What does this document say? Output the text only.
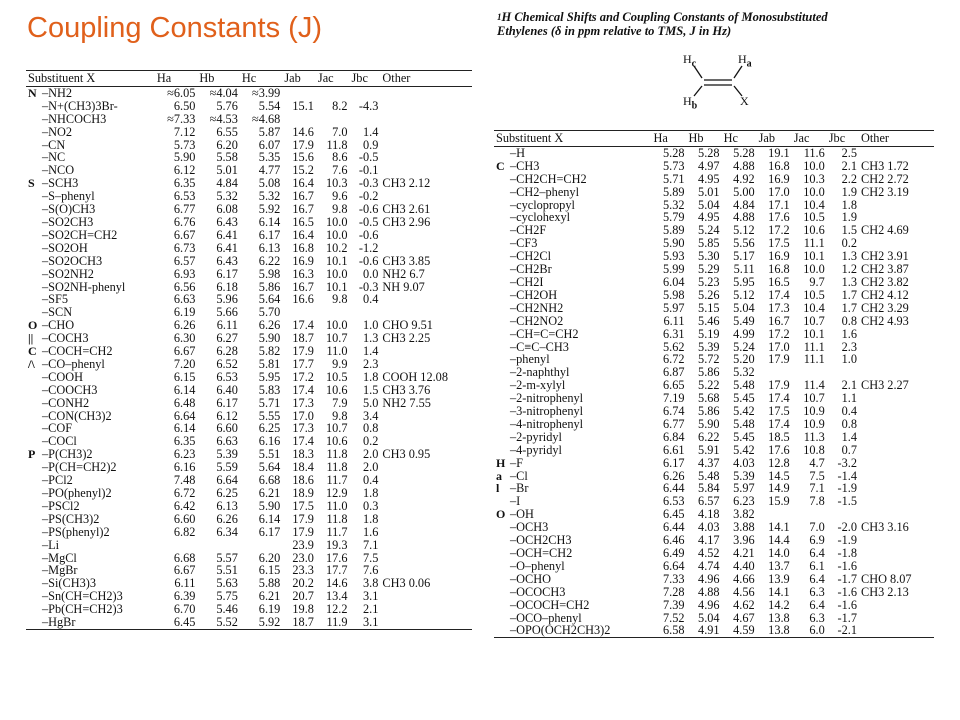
Coupling Constants (J)	$^1$H Chemical Shifts and Coupling Constants of Monosubstituted
Ethylenes (δ in ppm relative to TMS, J in Hz)
$H_c$	$H_a$
$H_b$	X
Substituent X		Ha	Hb	Hc	Jab	Jac	Jbc	Other
N	–NH2	≈6.05	≈4.04	≈3.99				
	–N+(CH3)3Br-	6.50	5.76	5.54	15.1	8.2	-4.3	
	–NHCOCH3	≈7.33	≈4.53	≈4.68				
	–NO2	7.12	6.55	5.87	14.6	7.0	1.4	
	–CN	5.73	6.20	6.07	17.9	11.8	0.9	
	–NC	5.90	5.58	5.35	15.6	8.6	-0.5	
	–NCO	6.12	5.01	4.77	15.2	7.6	-0.1	
S	–SCH3	6.35	4.84	5.08	16.4	10.3	-0.3	CH3 2.12
	–S–phenyl	6.53	5.32	5.32	16.7	9.6	-0.2	
	–S(O)CH3	6.77	6.08	5.92	16.7	9.8	-0.6	CH3 2.61
	–SO2CH3	6.76	6.43	6.14	16.5	10.0	-0.5	CH3 2.96
	–SO2CH=CH2	6.67	6.41	6.17	16.4	10.0	-0.6	
	–SO2OH	6.73	6.41	6.13	16.8	10.2	-1.2	
	–SO2OCH3	6.57	6.43	6.22	16.9	10.1	-0.6	CH3 3.85
	–SO2NH2	6.93	6.17	5.98	16.3	10.0	0.0	NH2 6.7
	–SO2NH-phenyl	6.56	6.18	5.86	16.7	10.1	-0.3	NH 9.07
	–SF5	6.63	5.96	5.64	16.6	9.8	0.4	
	–SCN	6.19	5.66	5.70				
O	–CHO	6.26	6.11	6.26	17.4	10.0	1.0	CHO 9.51
||	–COCH3	6.30	6.27	5.90	18.7	10.7	1.3	CH3 2.25
C	–COCH=CH2	6.67	6.28	5.82	17.9	11.0	1.4	
/\	–CO–phenyl	7.20	6.52	5.81	17.7	9.9	2.3	
	–COOH	6.15	6.53	5.95	17.2	10.5	1.8	COOH 12.08
	–COOCH3	6.14	6.40	5.83	17.4	10.6	1.5	CH3 3.76
	–CONH2	6.48	6.17	5.71	17.3	7.9	5.0	NH2 7.55
	–CON(CH3)2	6.64	6.12	5.55	17.0	9.8	3.4	
	–COF	6.14	6.60	6.25	17.3	10.7	0.8	
	–COCl	6.35	6.63	6.16	17.4	10.6	0.2	
P	–P(CH3)2	6.23	5.39	5.51	18.3	11.8	2.0	CH3 0.95
	–P(CH=CH2)2	6.16	5.59	5.64	18.4	11.8	2.0	
	–PCl2	7.48	6.64	6.68	18.6	11.7	0.4	
	–PO(phenyl)2	6.72	6.25	6.21	18.9	12.9	1.8	
	–PSCl2	6.42	6.13	5.90	17.5	11.0	0.3	
	–PS(CH3)2	6.60	6.26	6.14	17.9	11.8	1.8	
	–PS(phenyl)2	6.82	6.34	6.17	17.9	11.7	1.6	
	–Li				23.9	19.3	7.1	
	–MgCl	6.68	5.57	6.20	23.0	17.6	7.5	
	–MgBr	6.67	5.51	6.15	23.3	17.7	7.6	
	–Si(CH3)3	6.11	5.63	5.88	20.2	14.6	3.8	CH3 0.06
	–Sn(CH=CH2)3	6.39	5.75	6.21	20.7	13.4	3.1	
	–Pb(CH=CH2)3	6.70	5.46	6.19	19.8	12.2	2.1	
	–HgBr	6.45	5.52	5.92	18.7	11.9	3.1	
Substituent X		Ha	Hb	Hc	Jab	Jac	Jbc	Other
	–H	5.28	5.28	5.28	19.1	11.6	2.5	
C	–CH3	5.73	4.97	4.88	16.8	10.0	2.1	CH3 1.72
	–CH2CH=CH2	5.71	4.95	4.92	16.9	10.3	2.2	CH2 2.72
	–CH2–phenyl	5.89	5.01	5.00	17.0	10.0	1.9	CH2 3.19
	–cyclopropyl	5.32	5.04	4.84	17.1	10.4	1.8	
	–cyclohexyl	5.79	4.95	4.88	17.6	10.5	1.9	
	–CH2F	5.89	5.24	5.12	17.2	10.6	1.5	CH2 4.69
	–CF3	5.90	5.85	5.56	17.5	11.1	0.2	
	–CH2Cl	5.93	5.30	5.17	16.9	10.1	1.3	CH2 3.91
	–CH2Br	5.99	5.29	5.11	16.8	10.0	1.2	CH2 3.87
	–CH2I	6.04	5.23	5.95	16.5	9.7	1.3	CH2 3.82
	–CH2OH	5.98	5.26	5.12	17.4	10.5	1.7	CH2 4.12
	–CH2NH2	5.97	5.15	5.04	17.3	10.4	1.7	CH2 3.29
	–CH2NO2	6.11	5.46	5.49	16.7	10.7	0.8	CH2 4.93
	–CH=C=CH2	6.31	5.19	4.99	17.2	10.1	1.6	
	–C≡C–CH3	5.62	5.39	5.24	17.0	11.1	2.3	
	–phenyl	6.72	5.72	5.20	17.9	11.1	1.0	
	–2-naphthyl	6.87	5.86	5.32				
	–2-m-xylyl	6.65	5.22	5.48	17.9	11.4	2.1	CH3 2.27
	–2-nitrophenyl	7.19	5.68	5.45	17.4	10.7	1.1	
	–3-nitrophenyl	6.74	5.86	5.42	17.5	10.9	0.4	
	–4-nitrophenyl	6.77	5.90	5.48	17.4	10.9	0.8	
	–2-pyridyl	6.84	6.22	5.45	18.5	11.3	1.4	
	–4-pyridyl	6.61	5.91	5.42	17.6	10.8	0.7	
H	–F	6.17	4.37	4.03	12.8	4.7	-3.2	
a	–Cl	6.26	5.48	5.39	14.5	7.5	-1.4	
l	–Br	6.44	5.84	5.97	14.9	7.1	-1.9	
	–I	6.53	6.57	6.23	15.9	7.8	-1.5	
O	–OH	6.45	4.18	3.82				
	–OCH3	6.44	4.03	3.88	14.1	7.0	-2.0	CH3 3.16
	–OCH2CH3	6.46	4.17	3.96	14.4	6.9	-1.9	
	–OCH=CH2	6.49	4.52	4.21	14.0	6.4	-1.8	
	–O–phenyl	6.64	4.74	4.40	13.7	6.1	-1.6	
	–OCHO	7.33	4.96	4.66	13.9	6.4	-1.7	CHO 8.07
	–OCOCH3	7.28	4.88	4.56	14.1	6.3	-1.6	CH3 2.13
	–OCOCH=CH2	7.39	4.96	4.62	14.2	6.4	-1.6	
	–OCO–phenyl	7.52	5.04	4.67	13.8	6.3	-1.7	
	–OPO(OCH2CH3)2	6.58	4.91	4.59	13.8	6.0	-2.1	
